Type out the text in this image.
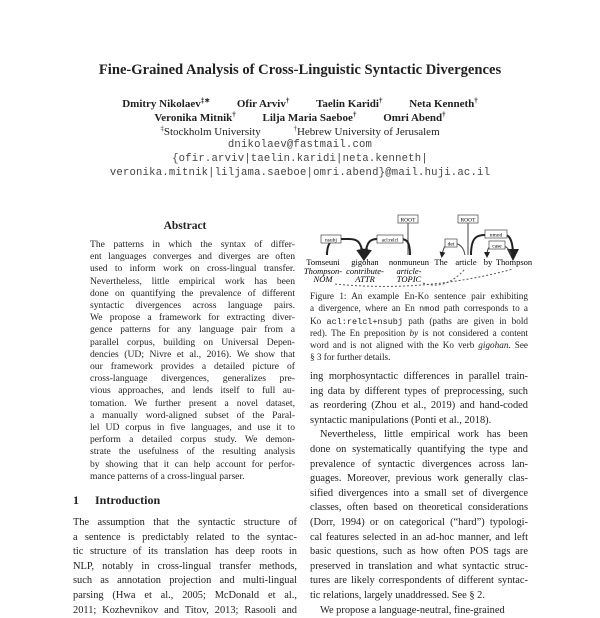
Fine-Grained Analysis of Cross-Linguistic Syntactic Divergences
Dmitry Nikolaev‡∗ Ofir Arviv† Taelin Karidi† Neta Kenneth†
Veronika Mitnik† Lilja Maria Saeboe† Omri Abend†
‡Stockholm University	†Hebrew University of Jerusalem
dnikolaev@fastmail.com
{ofir.arviv|taelin.karidi|neta.kenneth|
veronika.mitnik|liljama.saeboe|omri.abend}@mail.huji.ac.il
Abstract
The patterns in which the syntax of differ-
ent languages converges and diverges are often
used to inform work on cross-lingual transfer.
Nevertheless, little empirical work has been
done on quantifying the prevalence of different
syntactic divergences across language pairs.
We propose a framework for extracting diver-
gence patterns for any language pair from a
parallel corpus, building on Universal Depen-
dencies (UD; Nivre et al., 2016). We show that
our framework provides a detailed picture of
cross-language divergences, generalizes pre-
vious approaches, and lends itself to full au-
tomation. We further present a novel dataset,
a manually word-aligned subset of the Paral-
lel UD corpus in five languages, and use it to
perform a detailed corpus study. We demon-
strate the usefulness of the resulting analysis
by showing that it can help account for perfor-
mance patterns of a cross-lingual parser.
1 Introduction
The assumption that the syntactic structure of
a sentence is predictably related to the syntac-
tic structure of its translation has deep roots in
NLP, notably in cross-lingual transfer methods,
such as annotation projection and multi-lingual
parsing (Hwa et al., 2005; McDonald et al.,
2011; Kozhevnikov and Titov, 2013; Rasooli and
ROOT	ROOT
nsubj	acl:relcl
det
nmod
case
Tomseuni gigohan nonmuneun
Thompson-
NOM
contribute-
ATTR
article-
TOPIC
The article by Thompson
Figure 1: An example En-Ko sentence pair exhibiting
a divergence, where an En nmod path corresponds to a
Ko acl:relcl+nsubj path (paths are given in bold
red). The En preposition by is not considered a content
word and is not aligned with the Ko verb gigohan. See
§ 3 for further details.
ing morphosyntactic differences in parallel train-
ing data by different types of preprocessing, such
as reordering (Zhou et al., 2019) and hand-coded
syntactic manipulations (Ponti et al., 2018).
Nevertheless, little empirical work has been
done on systematically quantifying the type and
prevalence of syntactic divergences across lan-
guages. Moreover, previous work generally clas-
sified divergences into a small set of divergence
classes, often based on theoretical considerations
(Dorr, 1994) or on categorical (“hard”) typologi-
cal features selected in an ad-hoc manner, and left
basic questions, such as how often POS tags are
preserved in translation and what syntactic struc-
tures are likely correspondents of different syntac-
tic relations, largely unaddressed. See § 2.
We propose a language-neutral, fine-grained
